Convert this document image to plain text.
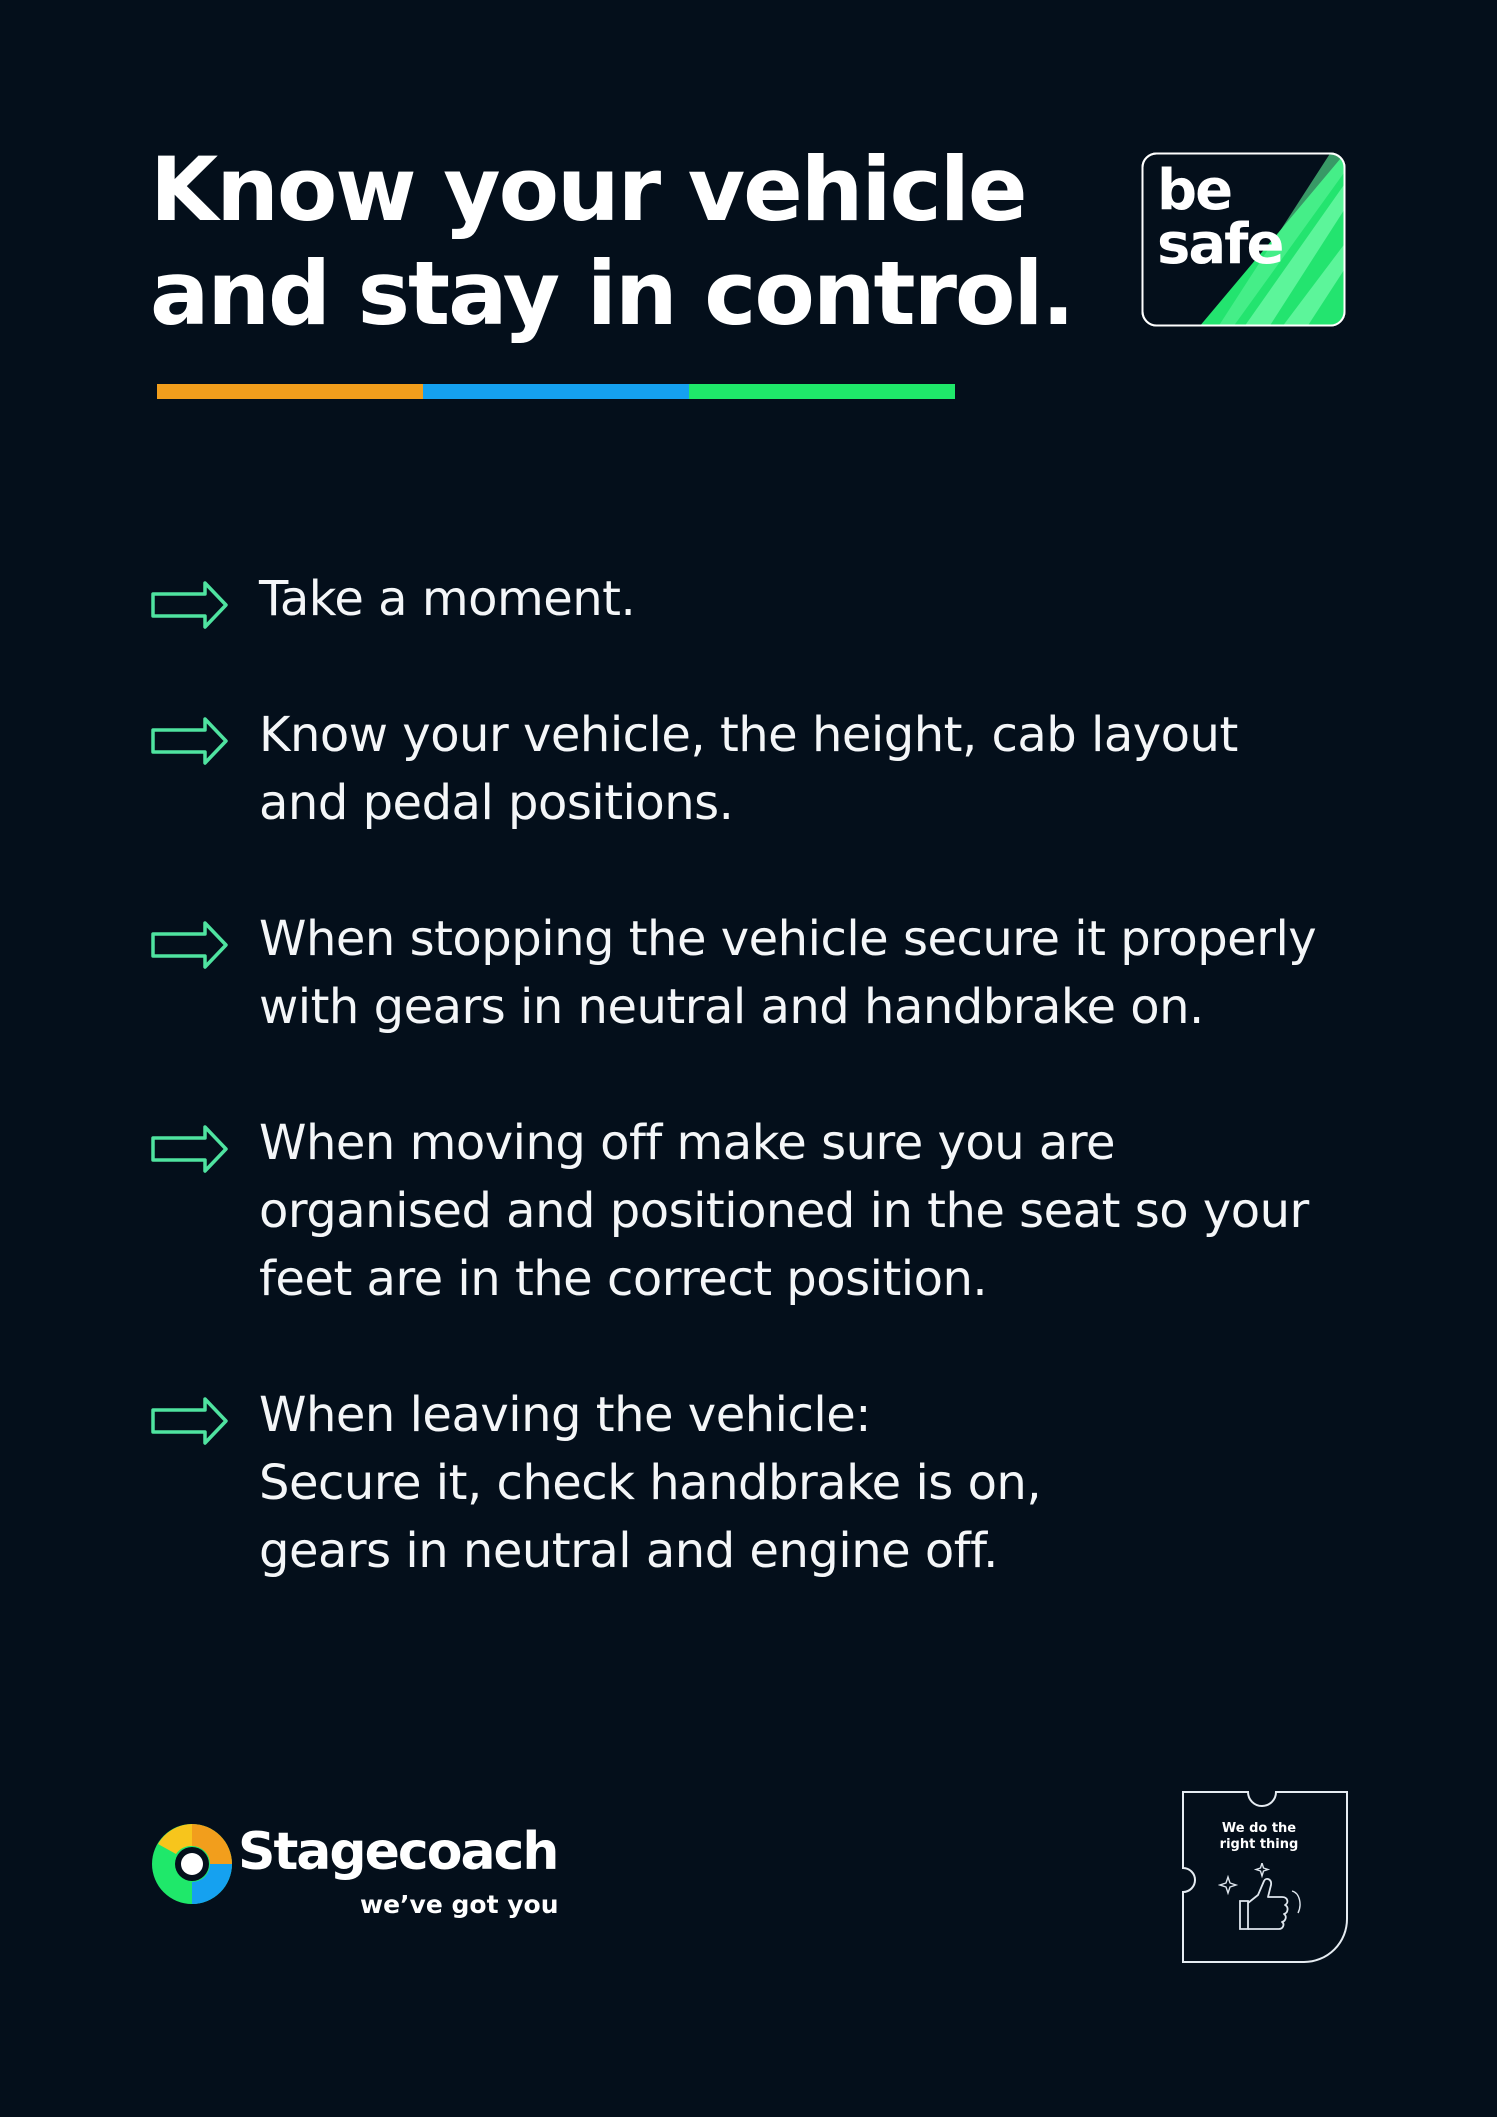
Know your vehicle
and stay in control.
be
safe
Take a moment.
Know your vehicle, the height, cab layout
and pedal positions.
When stopping the vehicle secure it properly
with gears in neutral and handbrake on.
When moving off make sure you are
organised and positioned in the seat so your
feet are in the correct position.
When leaving the vehicle:
Secure it, check handbrake is on,
gears in neutral and engine off.
Stagecoach
we’ve got you
We do the
right thing
